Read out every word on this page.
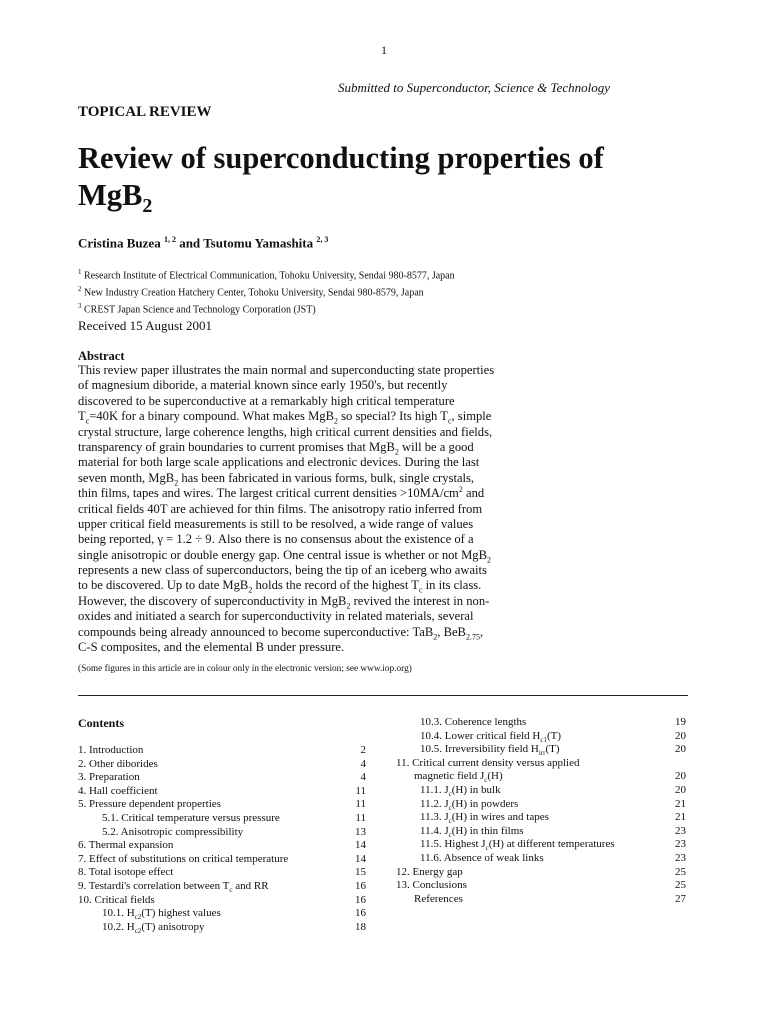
1
Submitted to Superconductor, Science & Technology
TOPICAL REVIEW
Review of superconducting properties of
MgB$_2$
Cristina Buzea $^{1, 2}$ and Tsutomu Yamashita $^{2, 3}$
$^1$ Research Institute of Electrical Communication, Tohoku University, Sendai 980-8577, Japan
$^2$ New Industry Creation Hatchery Center, Tohoku University, Sendai 980-8579, Japan
$^3$ CREST Japan Science and Technology Corporation (JST)
Received 15 August 2001
Abstract
This review paper illustrates the main normal and superconducting state properties
of magnesium diboride, a material known since early 1950's, but recently
discovered to be superconductive at a remarkably high critical temperature
$T_c=40K$ for a binary compound. What makes MgB$_2$ so special? Its high $T_c$, simple
crystal structure, large coherence lengths, high critical current densities and fields,
transparency of grain boundaries to current promises that MgB$_2$ will be a good
material for both large scale applications and electronic devices. During the last
seven month, MgB$_2$ has been fabricated in various forms, bulk, single crystals,
thin films, tapes and wires. The largest critical current densities $>10MA/cm^2$ and
critical fields 40T are achieved for thin films. The anisotropy ratio inferred from
upper critical field measurements is still to be resolved, a wide range of values
being reported, γ = 1.2 ÷ 9. Also there is no consensus about the existence of a
single anisotropic or double energy gap. One central issue is whether or not MgB$_2$
represents a new class of superconductors, being the tip of an iceberg who awaits
to be discovered. Up to date MgB$_2$ holds the record of the highest $T_c$ in its class.
However, the discovery of superconductivity in MgB$_2$ revived the interest in non-
oxides and initiated a search for superconductivity in related materials, several
compounds being already announced to become superconductive: TaB$_2$, BeB$_{2.75}$,
C-S composites, and the elemental B under pressure.
(Some figures in this article are in colour only in the electronic version; see www.iop.org)
Contents
1. Introduction	2
2. Other diborides	4
3. Preparation	4
4. Hall coefficient	11
5. Pressure dependent properties	11
5.1. Critical temperature versus pressure	11
5.2. Anisotropic compressibility	13
6. Thermal expansion	14
7. Effect of substitutions on critical temperature	14
8. Total isotope effect	15
9. Testardi's correlation between $T_c$ and RR	16
10. Critical fields	16
10.1. $H_{c2}(T)$ highest values	16
10.2. $H_{c2}(T)$ anisotropy	18
10.3. Coherence lengths	19
10.4. Lower critical field $H_{c1}(T)$	20
10.5. Irreversibility field $H_{irr}(T)$	20
11. Critical current density versus applied
magnetic field $J_c(H)$	20
11.1. $J_c(H)$ in bulk	20
11.2. $J_c(H)$ in powders	21
11.3. $J_c(H)$ in wires and tapes	21
11.4. $J_c(H)$ in thin films	23
11.5. Highest $J_c(H)$ at different temperatures	23
11.6. Absence of weak links	23
12. Energy gap	25
13. Conclusions	25
References	27
